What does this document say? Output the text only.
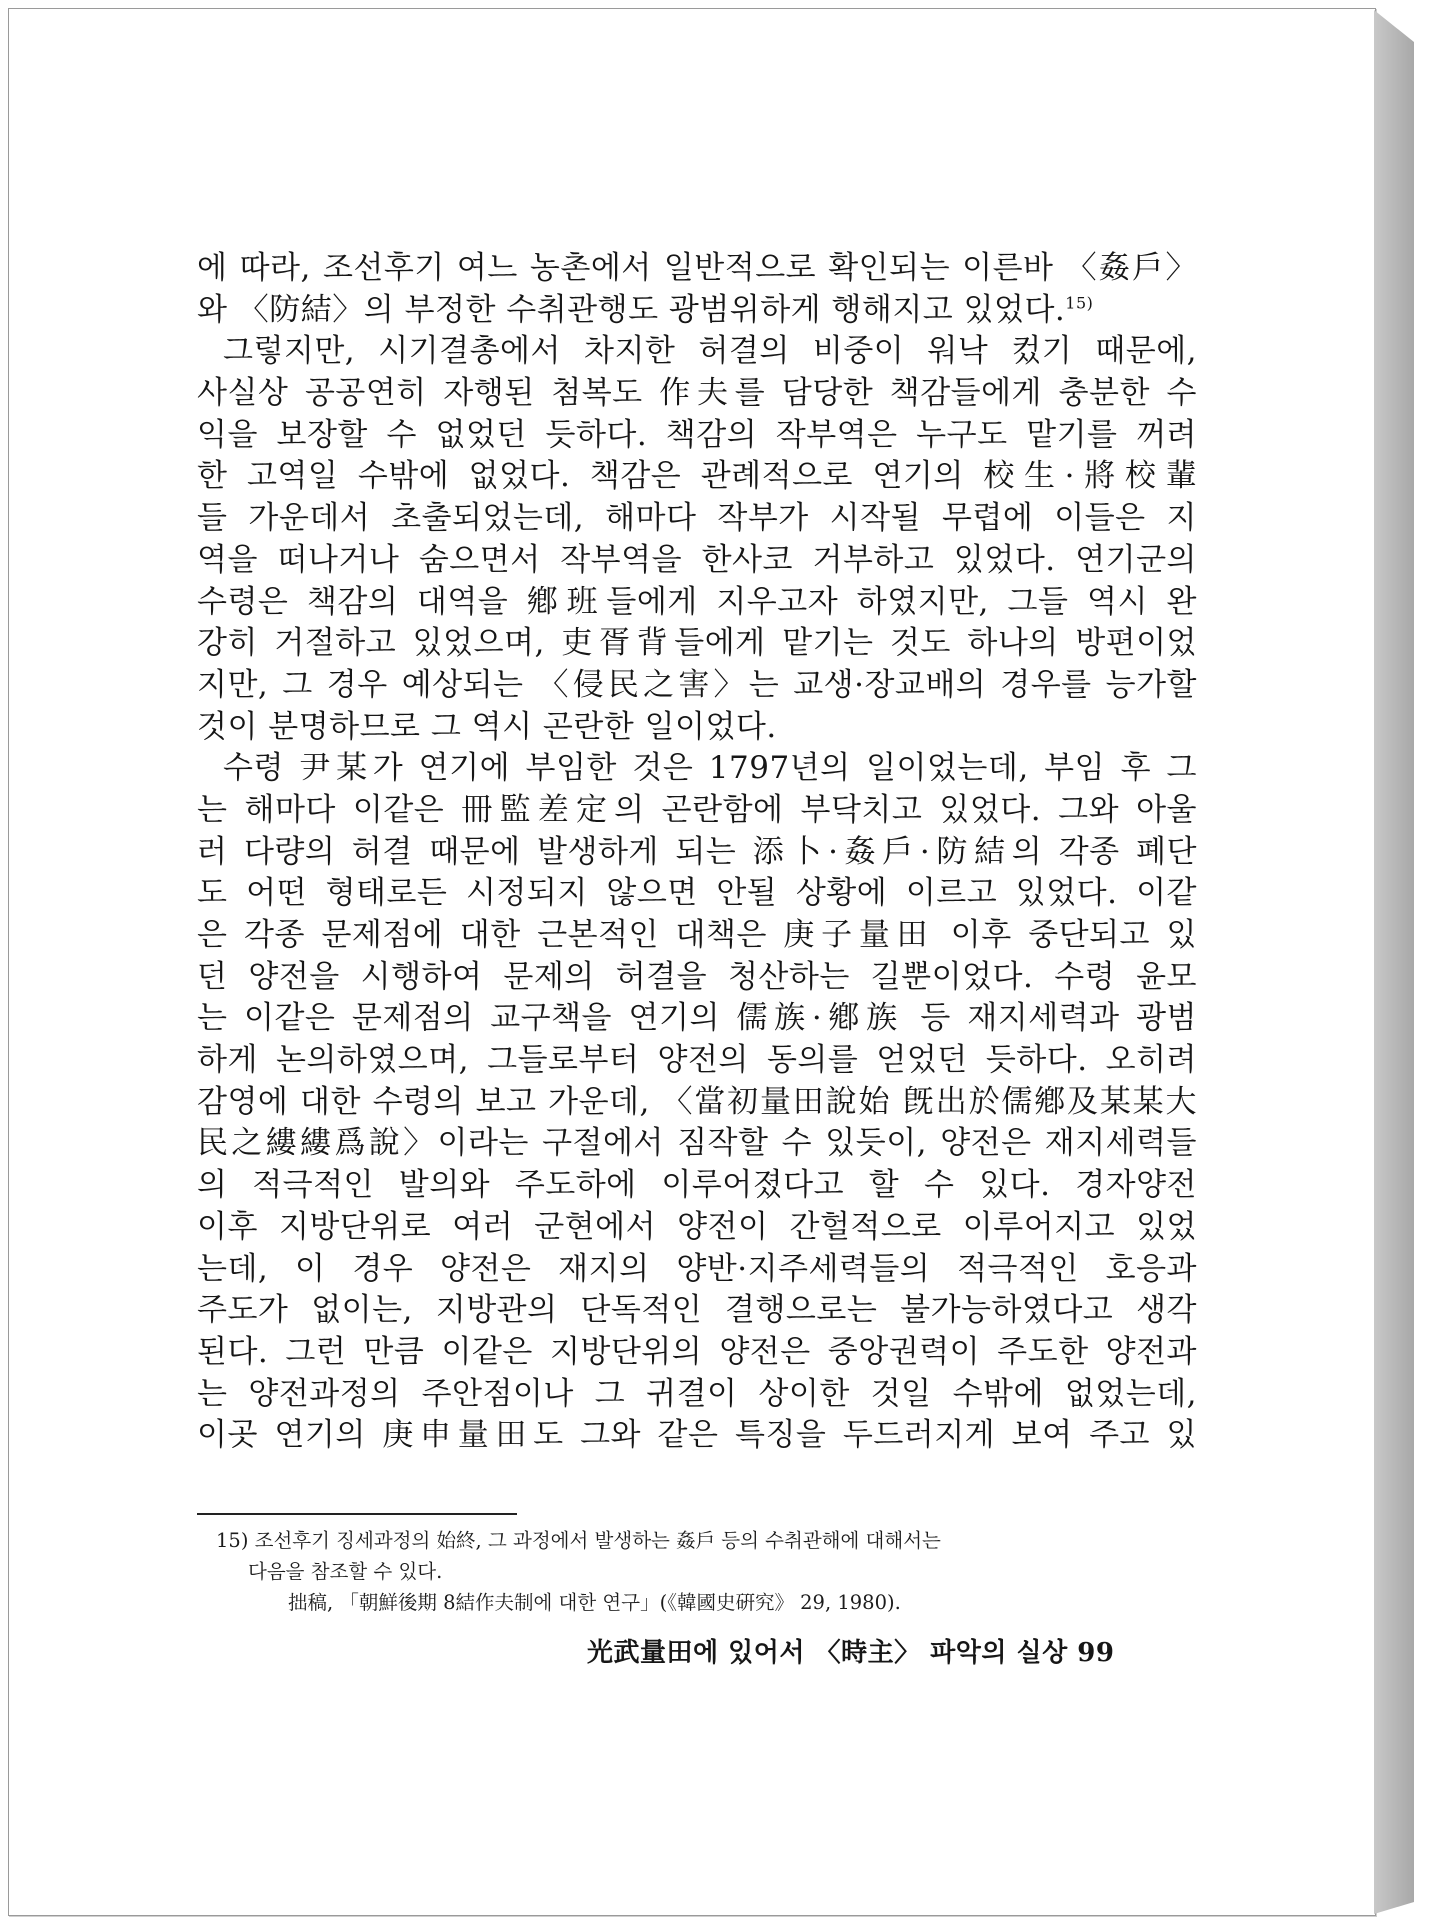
에 따라, 조선후기 여느 농촌에서 일반적으로 확인되는 이른바 〈姦戶〉
와 〈防結〉의 부정한 수취관행도 광범위하게 행해지고 있었다.$^{15)}$
그렇지만, 시기결총에서 차지한 허결의 비중이 워낙 컸기 때문에,
사실상 공공연히 자행된 첨복도 作夫를 담당한 책감들에게 충분한 수
익을 보장할 수 없었던 듯하다. 책감의 작부역은 누구도 맡기를 꺼려
한 고역일 수밖에 없었다. 책감은 관례적으로 연기의 校生·將校輩
들 가운데서 초출되었는데, 해마다 작부가 시작될 무렵에 이들은 지
역을 떠나거나 숨으면서 작부역을 한사코 거부하고 있었다. 연기군의
수령은 책감의 대역을 鄕班들에게 지우고자 하였지만, 그들 역시 완
강히 거절하고 있었으며, 吏胥背들에게 맡기는 것도 하나의 방편이었
지만, 그 경우 예상되는 〈侵民之害〉는 교생·장교배의 경우를 능가할
것이 분명하므로 그 역시 곤란한 일이었다.
수령 尹某가 연기에 부임한 것은 1797년의 일이었는데, 부임 후 그
는 해마다 이같은 冊監差定의 곤란함에 부닥치고 있었다. 그와 아울
러 다량의 허결 때문에 발생하게 되는 添卜·姦戶·防結의 각종 폐단
도 어떤 형태로든 시정되지 않으면 안될 상황에 이르고 있었다. 이같
은 각종 문제점에 대한 근본적인 대책은 庚子量田 이후 중단되고 있
던 양전을 시행하여 문제의 허결을 청산하는 길뿐이었다. 수령 윤모
는 이같은 문제점의 교구책을 연기의 儒族·鄕族 등 재지세력과 광범
하게 논의하였으며, 그들로부터 양전의 동의를 얻었던 듯하다. 오히려
감영에 대한 수령의 보고 가운데, 〈當初量田說始 旣出於儒鄕及某某大
民之縷縷爲說〉이라는 구절에서 짐작할 수 있듯이, 양전은 재지세력들
의 적극적인 발의와 주도하에 이루어졌다고 할 수 있다. 경자양전
이후 지방단위로 여러 군현에서 양전이 간헐적으로 이루어지고 있었
는데, 이 경우 양전은 재지의 양반·지주세력들의 적극적인 호응과
주도가 없이는, 지방관의 단독적인 결행으로는 불가능하였다고 생각
된다. 그런 만큼 이같은 지방단위의 양전은 중앙권력이 주도한 양전과
는 양전과정의 주안점이나 그 귀결이 상이한 것일 수밖에 없었는데,
이곳 연기의 庚申量田도 그와 같은 특징을 두드러지게 보여 주고 있
15) 조선후기 징세과정의 始終, 그 과정에서 발생하는 姦戶 등의 수취관해에 대해서는
다음을 참조할 수 있다.
拙稿, 「朝鮮後期 8結作夫制에 대한 연구」(《韓國史硏究》 29, 1980).
光武量田에 있어서 〈時主〉 파악의 실상 99
